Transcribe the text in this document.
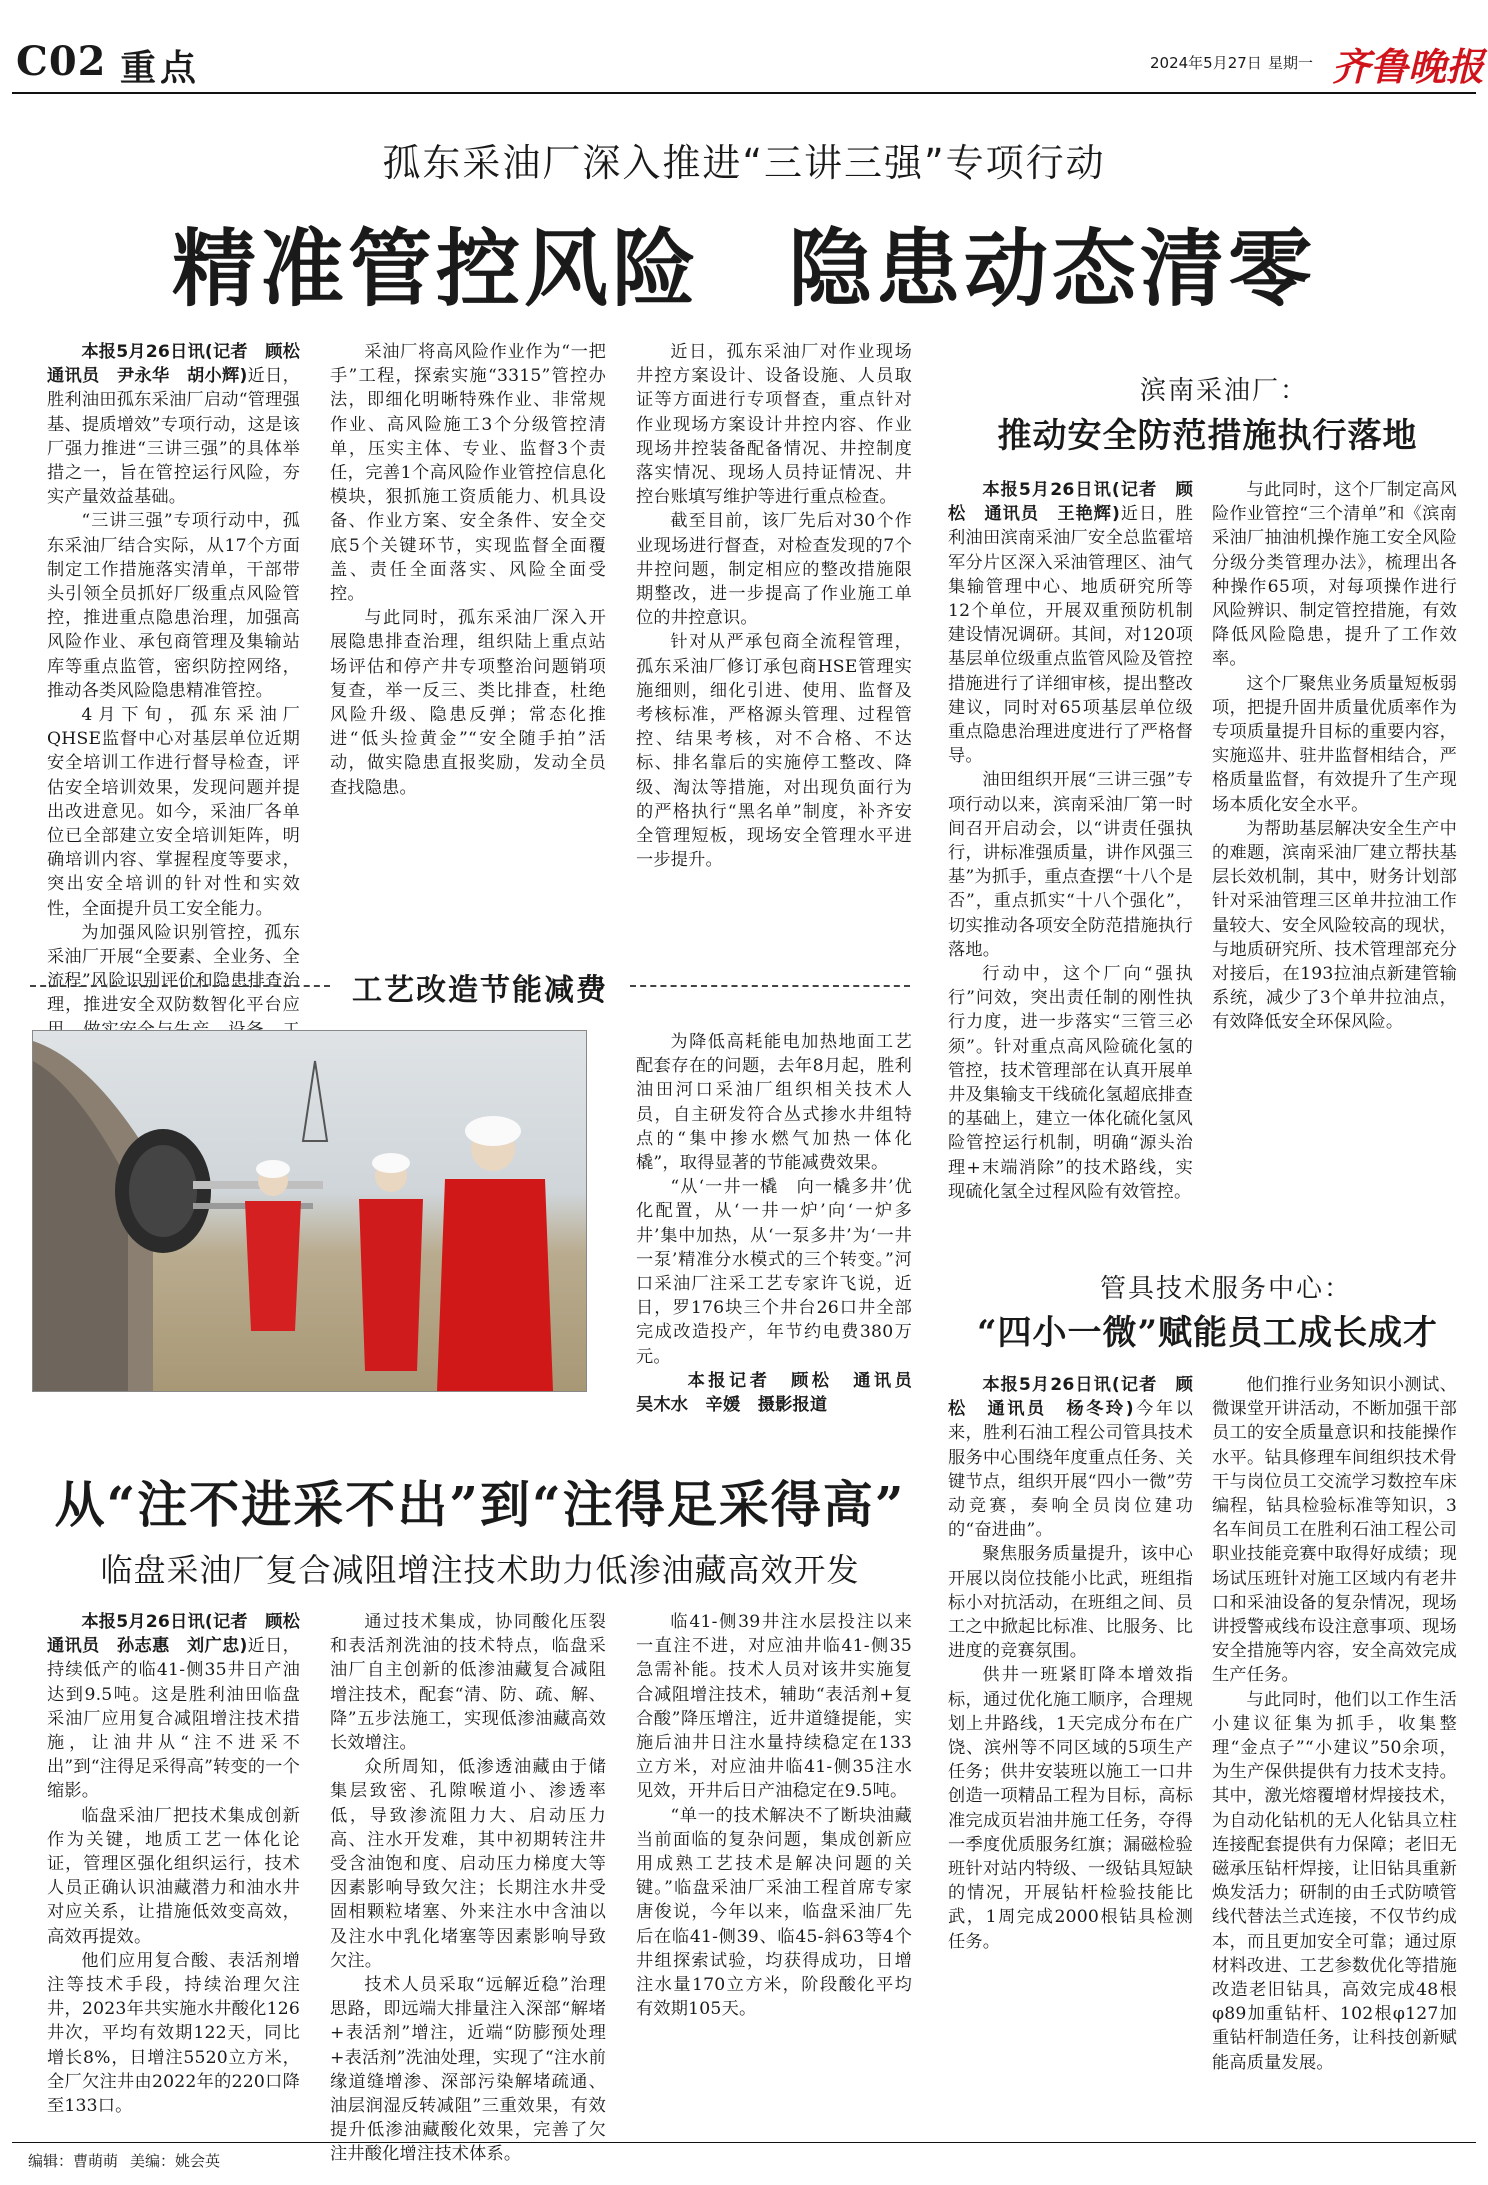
C02 重点	2024年5月27日 星期一 齐鲁晚报
孤东采油厂深入推进“三讲三强”专项行动
精准管控风险　隐患动态清零

本报5月26日讯(记者　顾松　通讯员　尹永华　胡小辉)近日，胜利油田孤东采油厂启动“管理强基、提质增效”专项行动，这是该厂强力推进“三讲三强”的具体举措之一，旨在管控运行风险，夯实产量效益基础。

“三讲三强”专项行动中，孤东采油厂结合实际，从17个方面制定工作措施落实清单，干部带头引领全员抓好厂级重点风险管控，推进重点隐患治理，加强高风险作业、承包商管理及集输站库等重点监管，密织防控网络，推动各类风险隐患精准管控。

4月下旬，孤东采油厂QHSE监督中心对基层单位近期安全培训工作进行督导检查，评估安全培训效果，发现问题并提出改进意见。如今，采油厂各单位已全部建立安全培训矩阵，明确培训内容、掌握程度等要求，突出安全培训的针对性和实效性，全面提升员工安全能力。

为加强风险识别管控，孤东采油厂开展“全要素、全业务、全流程”风险识别评价和隐患排查治理，推进安全双防数智化平台应

采油厂将高风险作业作为“一把手”工程，探索实施“3315”管控办法，即细化明晰特殊作业、非常规作业、高风险施工3个分级管控清单，压实主体、专业、监督3个责任，完善1个高风险作业管控信息化模块，狠抓施工资质能力、机具设备、作业方案、安全条件、安全交底5个关键环节，实现监督全面覆盖、责任全面落实、风险全面受控。

与此同时，孤东采油厂深入开展隐患排查治理，组织陆上重点站场评估和停产井专项整治问题销项复查，举一反三、类比排查，杜绝风险升级、隐患反弹；常态化推进“低头捡黄金”“安全随手拍”活动，做实隐患直报奖励，发动全员查找隐患。

近日，孤东采油厂对作业现场井控方案设计、设备设施、人员取证等方面进行专项督查，重点针对作业现场方案设计井控内容、作业现场井控装备配备情况、井控制度落实情况、现场人员持证情况、井控台账填写维护等进行重点检查。

截至目前，该厂先后对30个作业现场进行督查，对检查发现的7个井控问题，制定相应的整改措施限期整改，进一步提高了作业施工单位的井控意识。

针对从严承包商全流程管理，孤东采油厂修订承包商HSE管理实施细则，细化引进、使用、监督及考核标准，严格源头管理、过程管控、结果考核，对不合格、不达标、排名靠后的实施停工整改、降级、淘汰等措施，对出现负面行为的严格执行“黑名单”制度，补齐安全管理短板，现场安全管理水平进一步提升。

工艺改造节能减费

为降低高耗能电加热地面工艺配套存在的问题，去年8月起，胜利油田河口采油厂组织相关技术人员，自主研发符合丛式掺水井组特点的“集中掺水燃气加热一体化橇”，取得显著的节能减费效果。

“从‘一井一橇　向一橇多井’优化配置，从‘一井一炉’向‘一炉多井’集中加热，从‘一泵多井’为‘一井一泵’精准分水模式的三个转变。”河口采油厂注采工艺专家许飞说，近日，罗176块三个井台26口井全部完成改造投产，年节约电费380万元。

本报记者　顾松　通讯员　吴木水　辛媛　摄影报道

从“注不进采不出”到“注得足采得高”
临盘采油厂复合减阻增注技术助力低渗油藏高效开发

本报5月26日讯(记者　顾松　通讯员　孙志惠　刘广忠)近日，持续低产的临41-侧35井日产油达到9.5吨。这是胜利油田临盘采油厂应用复合减阻增注技术措施，让油井从“注不进采不出”到“注得足采得高”转变的一个缩影。

临盘采油厂把技术集成创新作为关键，地质工艺一体化论证，管理区强化组织运行，技术人员正确认识油藏潜力和油水井对应关系，让措施低效变高效，高效再提效。

他们应用复合酸、表活剂增注等技术手段，持续治理欠注井，2023年共实施水井酸化126井次，平均有效期122天，同比增长8%，日增注5520立方米，全厂欠注井由2022年的220口降至133口。

通过技术集成，协同酸化压裂和表活剂洗油的技术特点，临盘采油厂自主创新的低渗油藏复合减阻增注技术，配套“清、防、疏、解、降”五步法施工，实现低渗油藏高效长效增注。

众所周知，低渗透油藏由于储集层致密、孔隙喉道小、渗透率低，导致渗流阻力大、启动压力高、注水开发难，其中初期转注井受含油饱和度、启动压力梯度大等因素影响导致欠注；长期注水井受固相颗粒堵塞、外来注水中含油以及注水中乳化堵塞等因素影响导致欠注。

技术人员采取“远解近稳”治理思路，即远端大排量注入深部“解堵+表活剂”增注，近端“防膨预处理+表活剂”洗油处理，实现了“注水前缘道缝增渗、深部污染解堵疏通、油层润湿反转减阻”三重效果，有效提升低渗油藏酸化效果，完善了欠注井酸化增注技术体系。

临41-侧39井注水层投注以来一直注不进，对应油井临41-侧35急需补能。技术人员对该井实施复合减阻增注技术，辅助“表活剂+复合酸”降压增注，近井道缝提能，实施后油井日注水量持续稳定在133立方米，对应油井临41-侧35注水见效，开井后日产油稳定在9.5吨。

“单一的技术解决不了断块油藏当前面临的复杂问题，集成创新应用成熟工艺技术是解决问题的关键。”临盘采油厂采油工程首席专家唐俊说，今年以来，临盘采油厂先后在临41-侧39、临45-斜63等4个井组探索试验，均获得成功，日增注水量170立方米，阶段酸化平均有效期105天。

滨南采油厂：
推动安全防范措施执行落地

本报5月26日讯(记者　顾松　通讯员　王艳辉)近日，胜利油田滨南采油厂安全总监霍培军分片区深入采油管理区、油气集输管理中心、地质研究所等12个单位，开展双重预防机制建设情况调研。其间，对120项基层单位级重点监管风险及管控措施进行了详细审核，提出整改建议，同时对65项基层单位级重点隐患治理进度进行了严格督导。

油田组织开展“三讲三强”专项行动以来，滨南采油厂第一时间召开启动会，以“讲责任强执行，讲标准强质量，讲作风强三基”为抓手，重点查摆“十八个是否”，重点抓实“十八个强化”，切实推动各项安全防范措施执行落地。

行动中，这个厂向“强执行”问效，突出责任制的刚性执行力度，进一步落实“三管三必须”。针对重点高风险硫化氢的管控，技术管理部在认真开展单井及集输支干线硫化氢超底排查的基础上，建立一体化硫化氢风险管控运行机制，明确“源头治理+末端消除”的技术路线，实现硫化氢全过程风险有效管控。

与此同时，这个厂制定高风险作业管控“三个清单”和《滨南采油厂抽油机操作施工安全风险分级分类管理办法》，梳理出各种操作65项，对每项操作进行风险辨识、制定管控措施，有效降低风险隐患，提升了工作效率。

这个厂聚焦业务质量短板弱项，把提升固井质量优质率作为专项质量提升目标的重要内容，实施巡井、驻井监督相结合，严格质量监督，有效提升了生产现场本质化安全水平。

为帮助基层解决安全生产中的难题，滨南采油厂建立帮扶基层长效机制，其中，财务计划部针对采油管理三区单井拉油工作量较大、安全风险较高的现状，与地质研究所、技术管理部充分对接后，在193拉油点新建管输系统，减少了3个单井拉油点，有效降低安全环保风险。

管具技术服务中心：
“四小一微”赋能员工成长成才

本报5月26日讯(记者　顾松　通讯员　杨冬玲)今年以来，胜利石油工程公司管具技术服务中心围绕年度重点任务、关键节点，组织开展“四小一微”劳动竞赛，奏响全员岗位建功的“奋进曲”。

聚焦服务质量提升，该中心开展以岗位技能小比武，班组指标小对抗活动，在班组之间、员工之中掀起比标准、比服务、比进度的竞赛氛围。

供井一班紧盯降本增效指标，通过优化施工顺序，合理规划上井路线，1天完成分布在广饶、滨州等不同区域的5项生产任务；供井安装班以施工一口井创造一项精品工程为目标，高标准完成页岩油井施工任务，夺得一季度优质服务红旗；漏磁检验班针对站内特级、一级钻具短缺的情况，开展钻杆检验技能比武，1周完成2000根钻具检测任务。

他们推行业务知识小测试、微课堂开讲活动，不断加强干部员工的安全质量意识和技能操作水平。钻具修理车间组织技术骨干与岗位员工交流学习数控车床编程，钻具检验标准等知识，3名车间员工在胜利石油工程公司职业技能竞赛中取得好成绩；现场试压班针对施工区域内有老井口和采油设备的复杂情况，现场讲授警戒线布设注意事项、现场安全措施等内容，安全高效完成生产任务。

与此同时，他们以工作生活小建议征集为抓手，收集整理“金点子”“小建议”50余项，为生产保供提供有力技术支持。其中，激光熔覆增材焊接技术，为自动化钻机的无人化钻具立柱连接配套提供有力保障；老旧无磁承压钻杆焊接，让旧钻具重新焕发活力；研制的由壬式防喷管线代替法兰式连接，不仅节约成本，而且更加安全可靠；通过原材料改进、工艺参数优化等措施改造老旧钻具，高效完成48根φ89加重钻杆、102根φ127加重钻杆制造任务，让科技创新赋能高质量发展。

编辑：曹萌萌 美编：姚会英
